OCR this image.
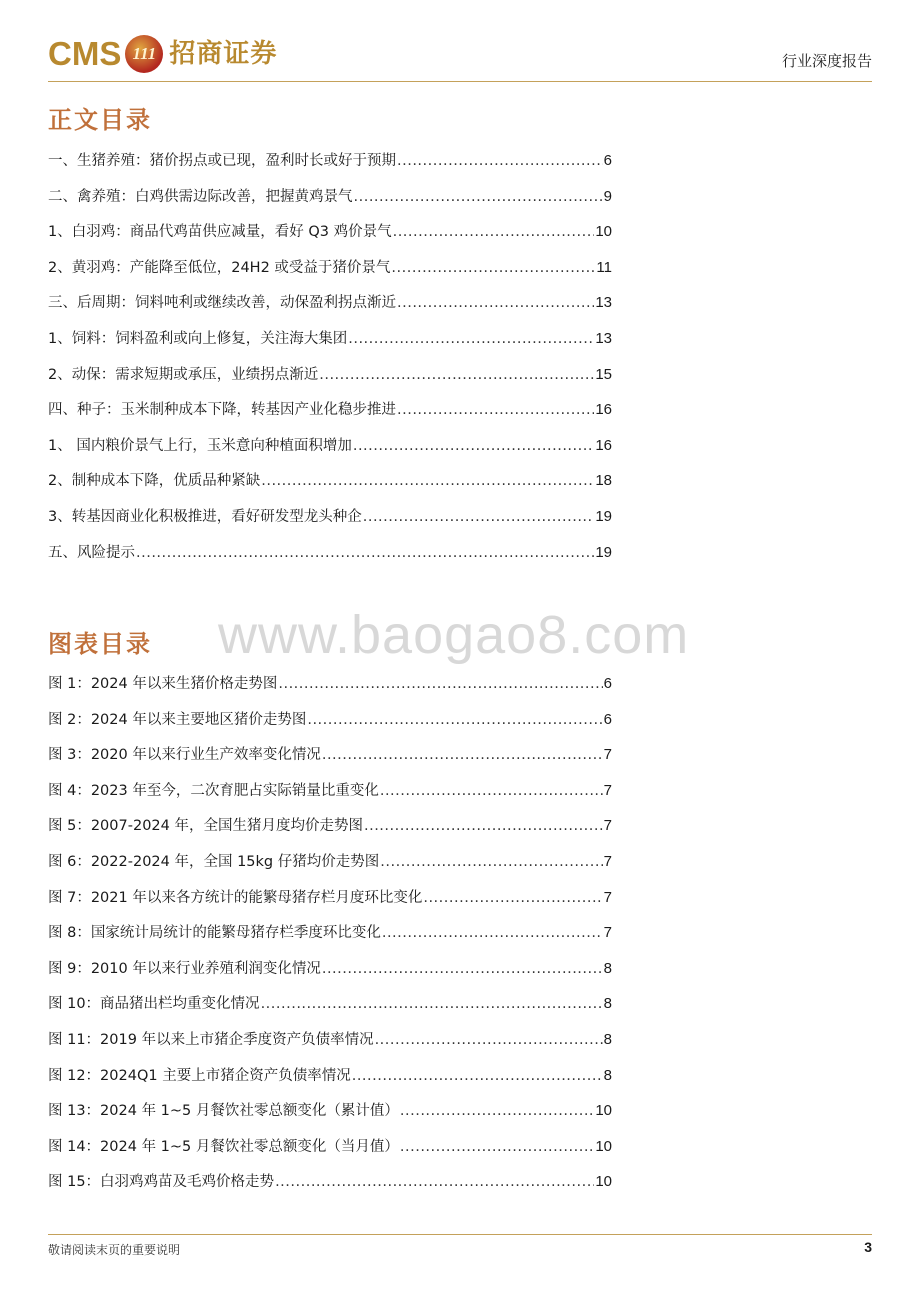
CMS 111 招商证券	行业深度报告
正文目录
一、生猪养殖：猪价拐点或已现，盈利时长或好于预期 .....	6
二、禽养殖：白鸡供需边际改善，把握黄鸡景气 .....	9
1、白羽鸡：商品代鸡苗供应减量，看好 Q3 鸡价景气 .....	10
2、黄羽鸡：产能降至低位，24H2 或受益于猪价景气 .....	11
三、后周期：饲料吨利或继续改善，动保盈利拐点渐近 .....	13
1、饲料：饲料盈利或向上修复，关注海大集团 .....	13
2、动保：需求短期或承压，业绩拐点渐近 .....	15
四、种子：玉米制种成本下降，转基因产业化稳步推进 .....	16
1、 国内粮价景气上行，玉米意向种植面积增加 .....	16
2、制种成本下降，优质品种紧缺 .....	18
3、转基因商业化积极推进，看好研发型龙头种企 .....	19
五、风险提示 .....	19
图表目录
图 1：2024 年以来生猪价格走势图 .....	6
图 2：2024 年以来主要地区猪价走势图 .....	6
图 3：2020 年以来行业生产效率变化情况 .....	7
图 4：2023 年至今，二次育肥占实际销量比重变化 .....	7
图 5：2007-2024 年，全国生猪月度均价走势图 .....	7
图 6：2022-2024 年，全国 15kg 仔猪均价走势图 .....	7
图 7：2021 年以来各方统计的能繁母猪存栏月度环比变化 .....	7
图 8：国家统计局统计的能繁母猪存栏季度环比变化 .....	7
图 9：2010 年以来行业养殖利润变化情况 .....	8
图 10：商品猪出栏均重变化情况 .....	8
图 11：2019 年以来上市猪企季度资产负债率情况 .....	8
图 12：2024Q1 主要上市猪企资产负债率情况 .....	8
图 13：2024 年 1~5 月餐饮社零总额变化（累计值） .....	10
图 14：2024 年 1~5 月餐饮社零总额变化（当月值） .....	10
图 15：白羽鸡鸡苗及毛鸡价格走势 .....	10
www.baogao8.com
敬请阅读末页的重要说明	3
